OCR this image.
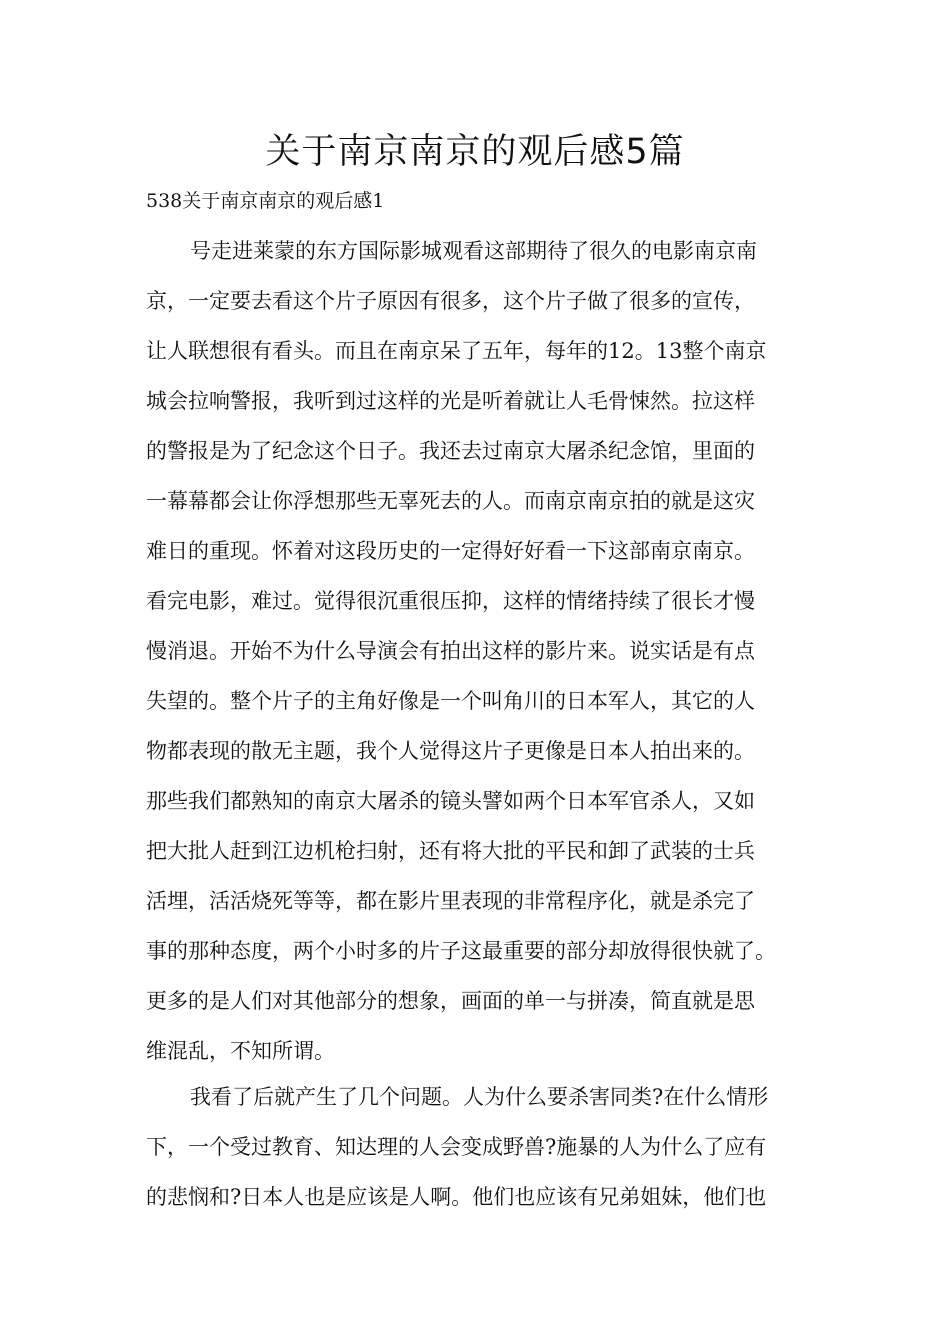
关于南京南京的观后感5篇

538关于南京南京的观后感1

号走进莱蒙的东方国际影城观看这部期待了很久的电影南京南
京，一定要去看这个片子原因有很多，这个片子做了很多的宣传，
让人联想很有看头。而且在南京呆了五年，每年的12。13整个南京
城会拉响警报，我听到过这样的光是听着就让人毛骨悚然。拉这样
的警报是为了纪念这个日子。我还去过南京大屠杀纪念馆，里面的
一幕幕都会让你浮想那些无辜死去的人。而南京南京拍的就是这灾
难日的重现。怀着对这段历史的一定得好好看一下这部南京南京。
看完电影，难过。觉得很沉重很压抑，这样的情绪持续了很长才慢
慢消退。开始不为什么导演会有拍出这样的影片来。说实话是有点
失望的。整个片子的主角好像是一个叫角川的日本军人，其它的人
物都表现的散无主题，我个人觉得这片子更像是日本人拍出来的。
那些我们都熟知的南京大屠杀的镜头譬如两个日本军官杀人，又如
把大批人赶到江边机枪扫射，还有将大批的平民和卸了武装的士兵
活埋，活活烧死等等，都在影片里表现的非常程序化，就是杀完了
事的那种态度，两个小时多的片子这最重要的部分却放得很快就了。
更多的是人们对其他部分的想象，画面的单一与拼凑，简直就是思
维混乱，不知所谓。
我看了后就产生了几个问题。人为什么要杀害同类?在什么情形
下，一个受过教育、知达理的人会变成野兽?施暴的人为什么了应有
的悲悯和?日本人也是应该是人啊。他们也应该有兄弟姐妹，他们也
